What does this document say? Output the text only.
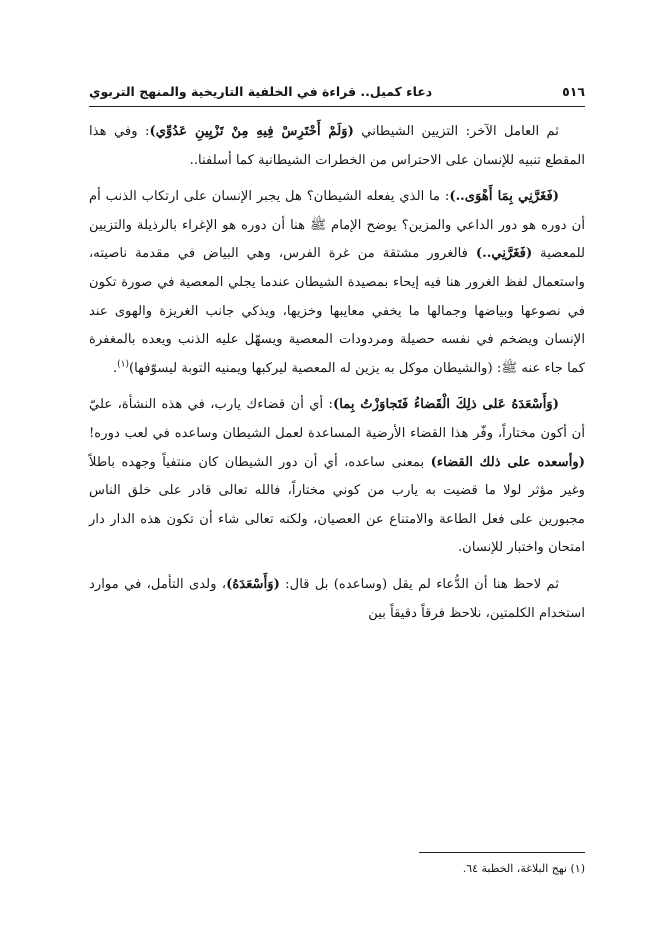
٥١٦
دعاء كميل.. قراءة في الخلفية التاريخية والمنهج التربوي

ثم العامل الآخر: التزيين الشيطاني (وَلَمْ أَحْتَرِسْ فِيهِ مِنْ تَزْيِينِ عَدُوِّي): وفي هذا المقطع تنبيه للإنسان على الاحتراس من الخطرات الشيطانية كما أسلفنا..

(فَغَرَّنِي بِمَا أَهْوَى..): ما الذي يفعله الشيطان؟ هل يجبر الإنسان على ارتكاب الذنب أم أن دوره هو دور الداعي والمزين؟ يوضح الإمام ﷺ هنا أن دوره هو الإغراء بالرذيلة والتزيين للمعصية (فَغَرَّنِي..) فالغرور مشتقة من غرة الفرس، وهي البياض في مقدمة ناصيته، واستعمال لفظ الغرور هنا فيه إيحاء بمصيدة الشيطان عندما يجلي المعصية في صورة تكون في نصوعها وبياضها وجمالها ما يخفي معايبها وخزيها، ويذكي جانب الغريزة والهوى عند الإنسان ويضخم في نفسه حصيلة ومردودات المعصية ويسهّل عليه الذنب ويعده بالمغفرة كما جاء عنه ﷺ: (والشيطان موكل به يزين له المعصية ليركبها ويمنيه التوبة ليسوّفها)$^{(١)}$.

(وَأَسْعَدَهُ عَلى ذلِكَ الْقَضاءُ فَتَجاوَزْتُ بِما): أي أن قضاءك يارب، في هذه النشأة، عليّ أن أكون مختاراً، وفّر هذا القضاء الأرضية المساعدة لعمل الشيطان وساعده في لعب دوره! (وأسعده على ذلك القضاء) بمعنى ساعده، أي أن دور الشيطان كان منتفياً وجهده باطلاً وغير مؤثر لولا ما قضيت به يارب من كوني مختاراً، فالله تعالى قادر على خلق الناس مجبورين على فعل الطاعة والامتناع عن العصيان، ولكنه تعالى شاء أن تكون هذه الدار دار امتحان واختبار للإنسان.

ثم لاحظ هنا أن الدُّعاء لم يقل (وساعده) بل قال: (وَأَسْعَدَهُ)، ولدى التأمل، في موارد استخدام الكلمتين، نلاحظ فرقاً دقيقاً بين

(١) نهج البلاغة، الخطبة ٦٤.
